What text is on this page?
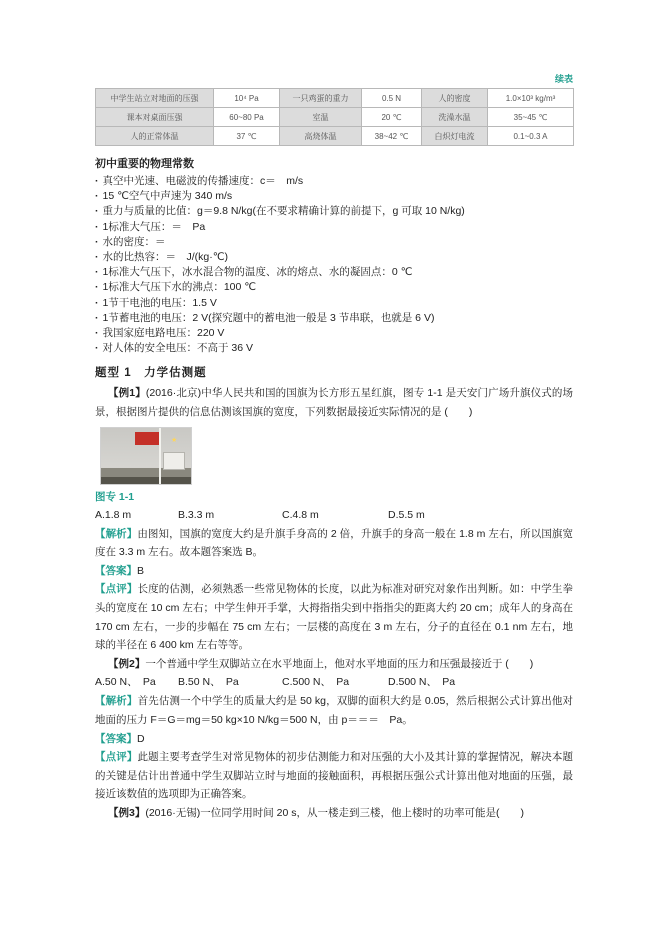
续表
中学生站立对地面的压强	10⁴ Pa	一只鸡蛋的重力	0.5 N	人的密度	1.0×10³ kg/m³
课本对桌面压强	60~80 Pa	室温	20 ℃	洗澡水温	35~45 ℃
人的正常体温	37 ℃	高烧体温	38~42 ℃	白炽灯电流	0.1~0.3 A
初中重要的物理常数
· 真空中光速、电磁波的传播速度：c＝　m/s
· 15 ℃空气中声速为 340 m/s
· 重力与质量的比值：g＝9.8 N/kg(在不要求精确计算的前提下，g 可取 10 N/kg)
· 1标准大气压：＝　Pa
· 水的密度：＝　
· 水的比热容：＝　J/(kg·℃)
· 1标准大气压下，冰水混合物的温度、冰的熔点、水的凝固点：0 ℃
· 1标准大气压下水的沸点：100 ℃
· 1节干电池的电压：1.5 V
· 1节蓄电池的电压：2 V(探究题中的蓄电池一般是 3 节串联，也就是 6 V)
· 我国家庭电路电压：220 V
· 对人体的安全电压：不高于 36 V
题型 1　力学估测题

【例1】(2016·北京)中华人民共和国的国旗为长方形五星红旗，图专 1-1 是天安门广场升旗仪式的场景，根据图片提供的信息估测该国旗的宽度，下列数据最接近实际情况的是 (　　)

★
图专 1-1
A.1.8 m	B.3.3 m	C.4.8 m	D.5.5 m

【解析】由图知，国旗的宽度大约是升旗手身高的 2 倍，升旗手的身高一般在 1.8 m 左右，所以国旗宽度在 3.3 m 左右。故本题答案选 B。

【答案】B

【点评】长度的估测，必须熟悉一些常见物体的长度，以此为标准对研究对象作出判断。如：中学生拳头的宽度在 10 cm 左右；中学生伸开手掌，大拇指指尖到中指指尖的距离大约 20 cm；成年人的身高在 170 cm 左右，一步的步幅在 75 cm 左右；一层楼的高度在 3 m 左右，分子的直径在 0.1 nm 左右，地球的半径在 6 400 km 左右等等。

【例2】一个普通中学生双脚站立在水平地面上，他对水平地面的压力和压强最接近于 (　　)

A.50 N、　Pa	B.50 N、　Pa	C.500 N、　Pa	D.500 N、　Pa

【解析】首先估测一个中学生的质量大约是 50 kg，双脚的面积大约是 0.05，然后根据公式计算出他对地面的压力 F＝G＝mg＝50 kg×10 N/kg＝500 N，由 p＝＝＝　Pa。

【答案】D

【点评】此题主要考查学生对常见物体的初步估测能力和对压强的大小及其计算的掌握情况，解决本题的关键是估计出普通中学生双脚站立时与地面的接触面积，再根据压强公式计算出他对地面的压强，最接近该数值的选项即为正确答案。

【例3】(2016·无锡)一位同学用时间 20 s，从一楼走到三楼，他上楼时的功率可能是(　　)
